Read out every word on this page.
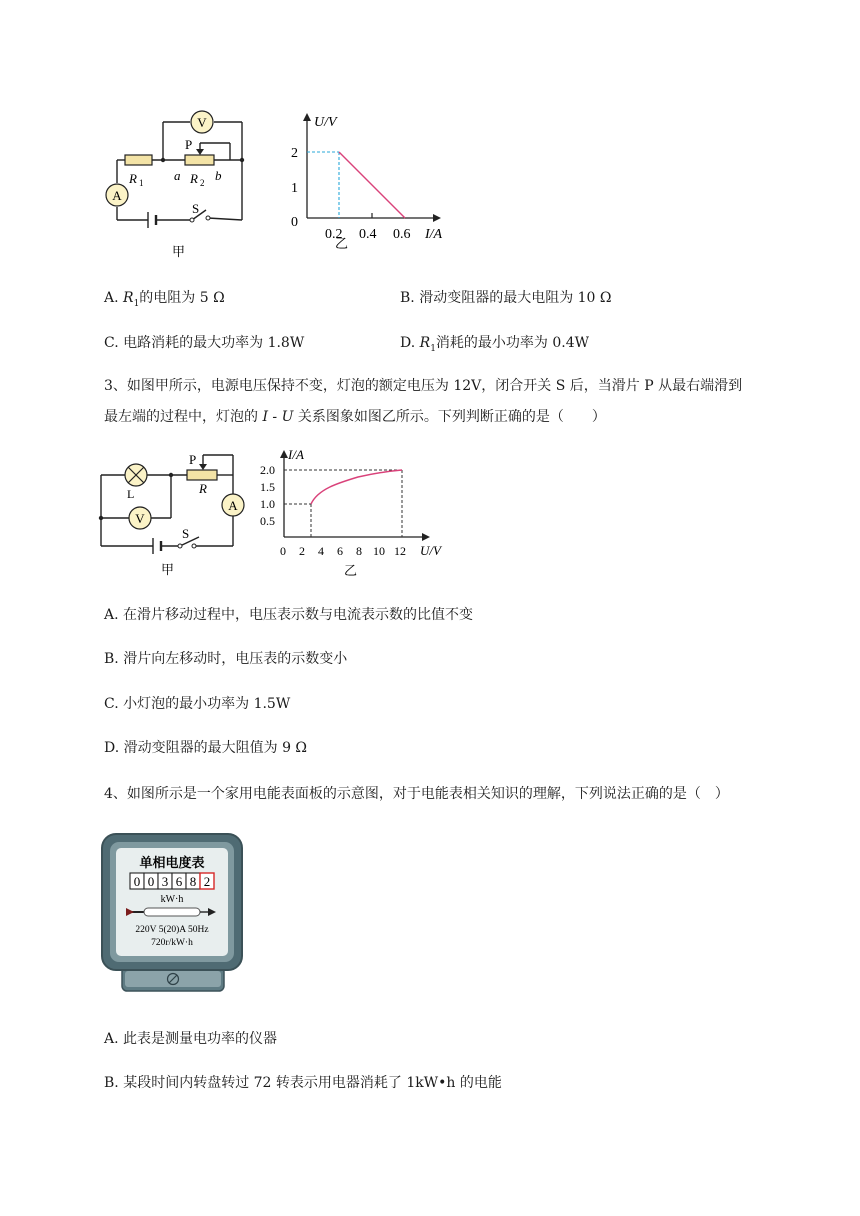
V
A
P
R 1 a R 2 b
S
甲
U/V
I/A
2
1
0
0.2 0.4 0.6
乙
A. $R_1$的电阻为 5 Ω	B. 滑动变阻器的最大电阻为 10 Ω
C. 电路消耗的最大功率为 1.8W	D. $R_1$消耗的最小功率为 0.4W
3、如图甲所示，电源电压保持不变，灯泡的额定电压为 12V，闭合开关 S 后，当滑片 P 从最右端滑到
最左端的过程中，灯泡的 I - U 关系图象如图乙所示。下列判断正确的是（　　）
L
V
A
P
R
S
甲
I/A
U/V
2.0
1.5
1.0
0.5
0 2 4 6 8 10 12
乙
A. 在滑片移动过程中，电压表示数与电流表示数的比值不变
B. 滑片向左移动时，电压表的示数变小
C. 小灯泡的最小功率为 1.5W
D. 滑动变阻器的最大阻值为 9 Ω
4、如图所示是一个家用电能表面板的示意图，对于电能表相关知识的理解，下列说法正确的是（　）
单相电度表
0 0 3 6 8 2
kW·h
220V 5(20)A 50Hz
720r/kW·h
A. 此表是测量电功率的仪器
B. 某段时间内转盘转过 72 转表示用电器消耗了 1kW•h 的电能
